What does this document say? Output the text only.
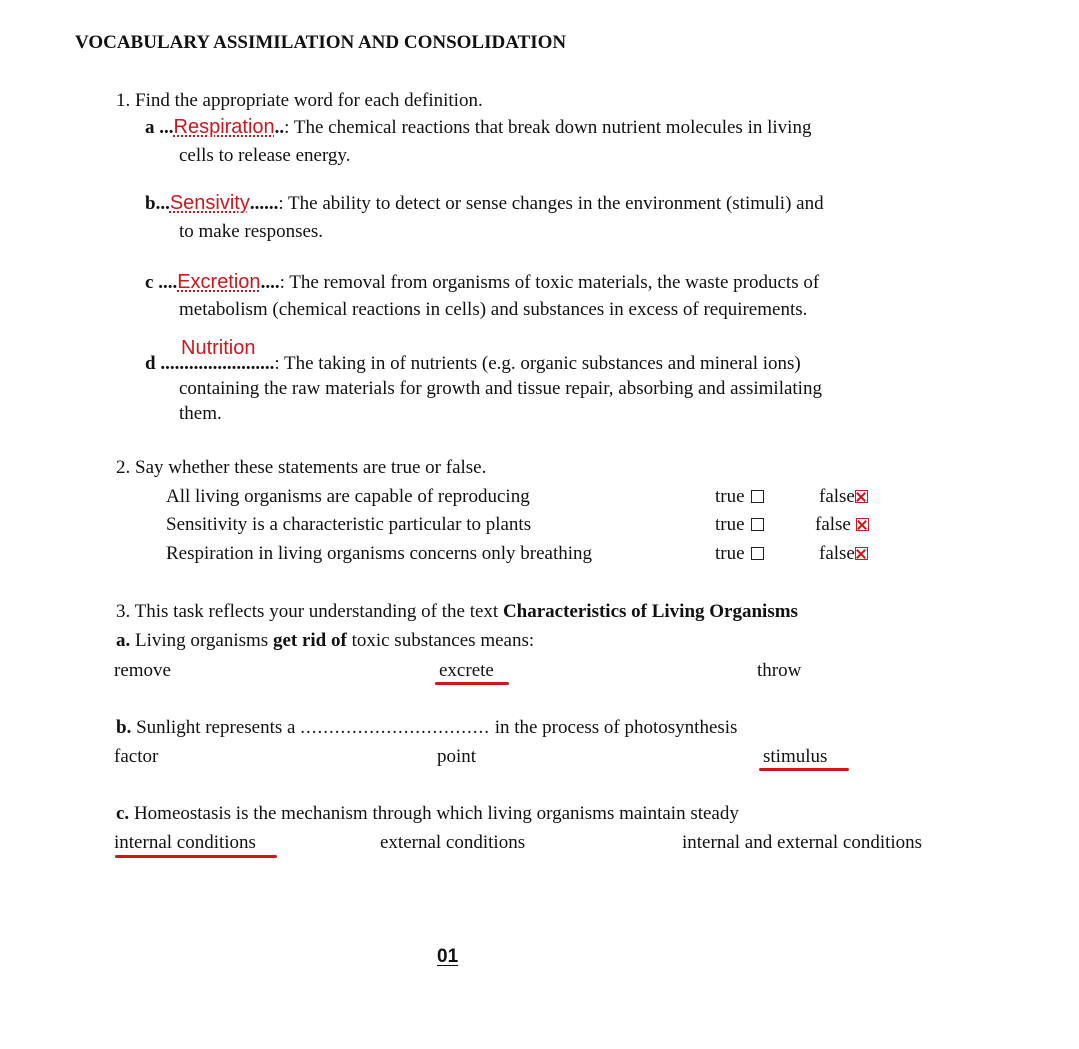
VOCABULARY ASSIMILATION AND CONSOLIDATION
1. Find the appropriate word for each definition.
a ...Respiration..: The chemical reactions that break down nutrient molecules in living
cells to release energy.
b...Sensivity......: The ability to detect or sense changes in the environment (stimuli) and
to make responses.
c ....Excretion....: The removal from organisms of toxic materials, the waste products of
metabolism (chemical reactions in cells) and substances in excess of requirements.
Nutrition
d ........................: The taking in of nutrients (e.g. organic substances and mineral ions)
containing the raw materials for growth and tissue repair, absorbing and assimilating
them.
2. Say whether these statements are true or false.
All living organisms are capable of reproducing	true	false
Sensitivity is a characteristic particular to plants	true	false
Respiration in living organisms concerns only breathing	true	false
3. This task reflects your understanding of the text Characteristics of Living Organisms
a. Living organisms get rid of toxic substances means:
remove	excrete	throw
b. Sunlight represents a ................................. in the process of photosynthesis
factor	point	stimulus
c. Homeostasis is the mechanism through which living organisms maintain steady
internal conditions	external conditions	internal and external conditions
01
